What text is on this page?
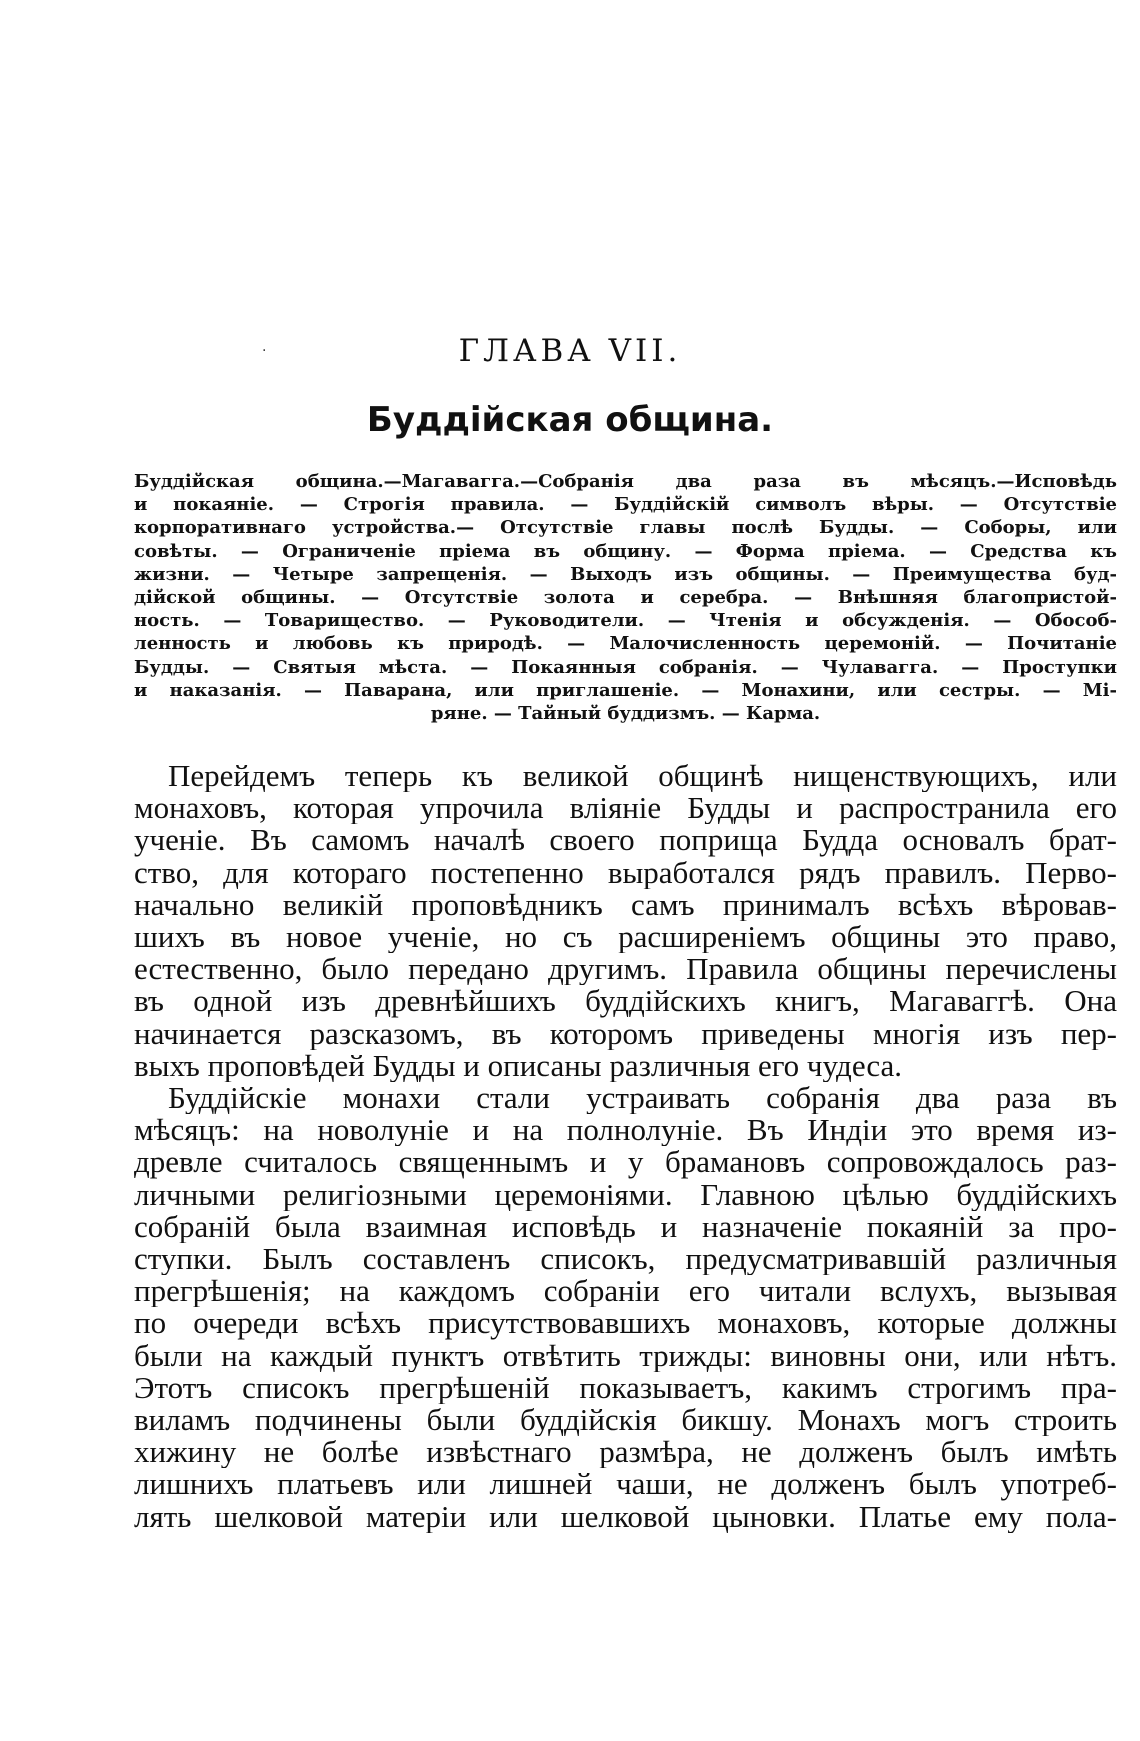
·	ГЛАВА VII.
Буддійская община.
Буддійская община.—Магавагга.—Собранія два раза въ мѣсяцъ.—Исповѣдь
и покаяніе. — Строгія правила. — Буддійскій символъ вѣры. — Отсутствіе
корпоративнаго устройства.— Отсутствіе главы послѣ Будды. — Соборы, или
совѣты. — Ограниченіе пріема въ общину. — Форма пріема. — Средства къ
жизни. — Четыре запрещенія. — Выходъ изъ общины. — Преимущества буд-
дійской общины. — Отсутствіе золота и серебра. — Внѣшняя благопристой-
ность. — Товарищество. — Руководители. — Чтенія и обсужденія. — Обособ-
ленность и любовь къ природѣ. — Малочисленность церемоній. — Почитаніе
Будды. — Святыя мѣста. — Покаянныя собранія. — Чулавагга. — Проступки
и наказанія. — Паварана, или приглашеніе. — Монахини, или сестры. — Мі-
ряне. — Тайный буддизмъ. — Карма.
Перейдемъ теперь къ великой общинѣ нищенствующихъ, или
монаховъ, которая упрочила вліяніе Будды и распространила его
ученіе. Въ самомъ началѣ своего поприща Будда основалъ брат-
ство, для котораго постепенно выработался рядъ правилъ. Перво-
начально великій проповѣдникъ самъ принималъ всѣхъ вѣровав-
шихъ въ новое ученіе, но съ расширеніемъ общины это право,
естественно, было передано другимъ. Правила общины перечислены
въ одной изъ древнѣйшихъ буддійскихъ книгъ, Магаваггѣ. Она
начинается разсказомъ, въ которомъ приведены многія изъ пер-
выхъ проповѣдей Будды и описаны различныя его чудеса.
Буддійскіе монахи стали устраивать собранія два раза въ
мѣсяцъ: на новолуніе и на полнолуніе. Въ Индіи это время из-
древле считалось священнымъ и у брамановъ сопровождалось раз-
личными религіозными церемоніями. Главною цѣлью буддійскихъ
собраній была взаимная исповѣдь и назначеніе покаяній за про-
ступки. Былъ составленъ списокъ, предусматривавшій различныя
прегрѣшенія; на каждомъ собраніи его читали вслухъ, вызывая
по очереди всѣхъ присутствовавшихъ монаховъ, которые должны
были на каждый пунктъ отвѣтить трижды: виновны они, или нѣтъ.
Этотъ списокъ прегрѣшеній показываетъ, какимъ строгимъ пра-
виламъ подчинены были буддійскія бикшу. Монахъ могъ строить
хижину не болѣе извѣстнаго размѣра, не долженъ былъ имѣть
лишнихъ платьевъ или лишней чаши, не долженъ былъ употреб-
лять шелковой матеріи или шелковой цыновки. Платье ему пола-
